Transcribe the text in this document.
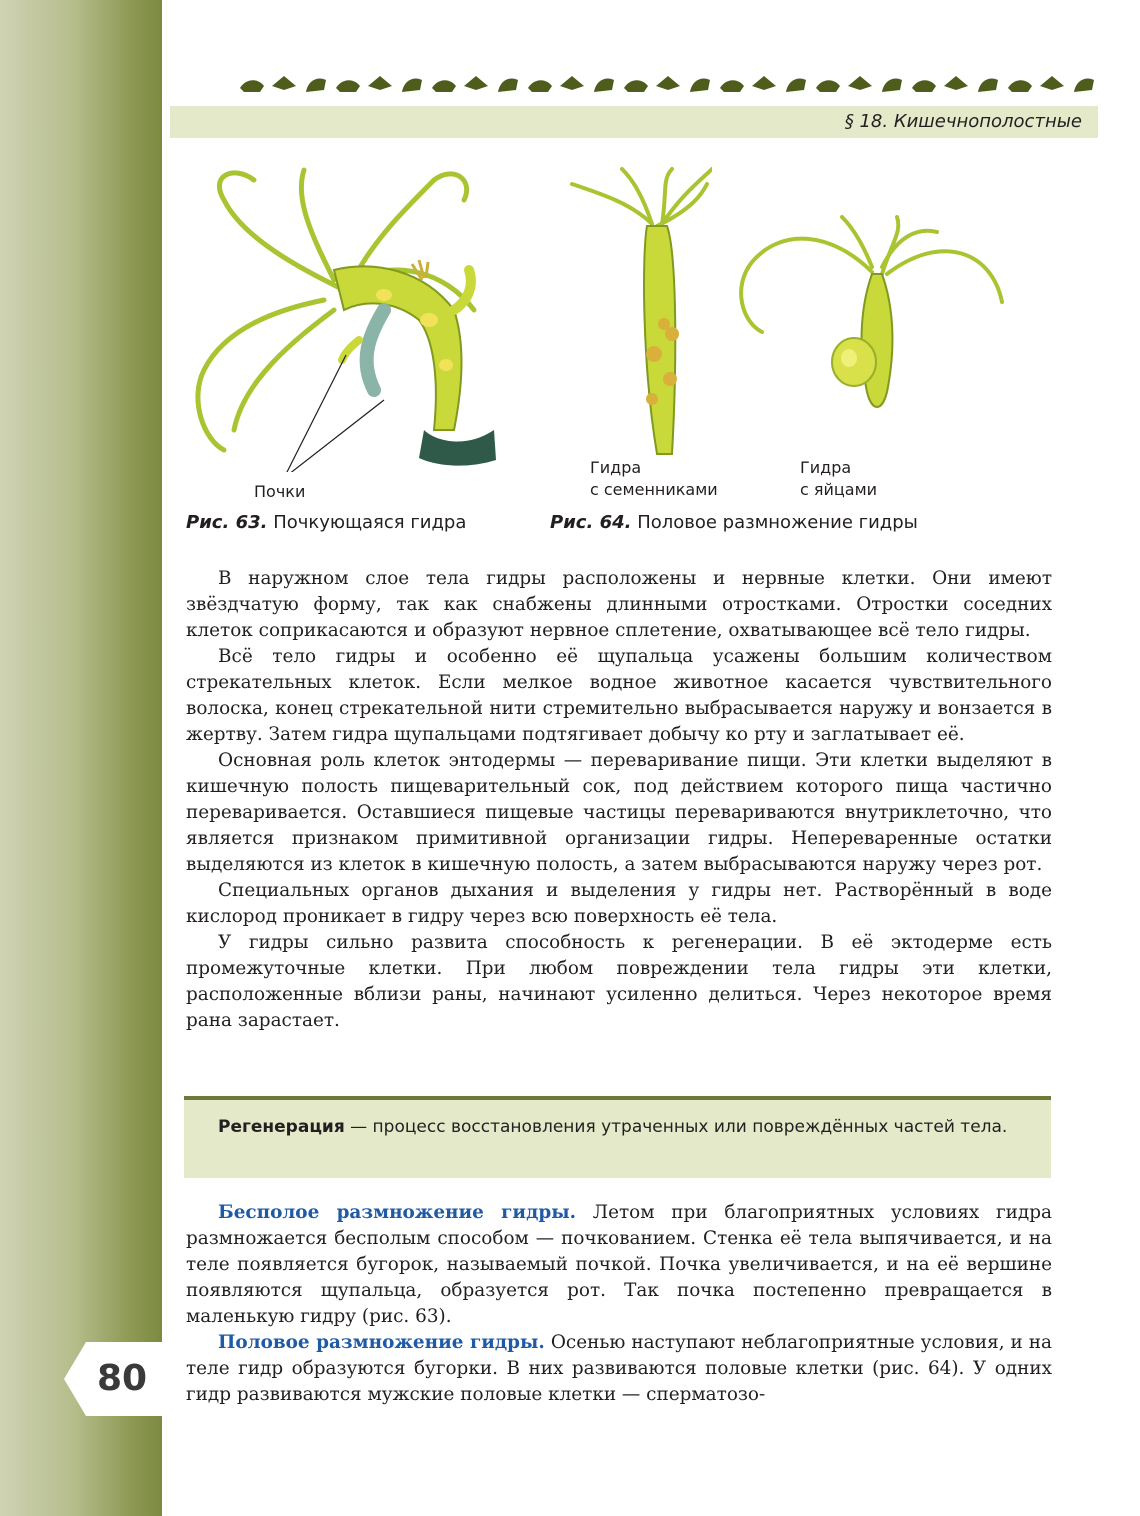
80
§ 18. Кишечнополостные
Почки
Рис. 63. Почкующаяся гидра
Гидра
с семенниками
Гидра
с яйцами
Рис. 64. Половое размножение гидры

В наружном слое тела гидры расположены и нервные клетки. Они имеют звёздчатую форму, так как снабжены длинными отростками. Отростки соседних клеток соприкасаются и образуют нервное сплетение, охватывающее всё тело гидры.

Всё тело гидры и особенно её щупальца усажены большим количеством стрекательных клеток. Если мелкое водное животное касается чувствительного волоска, конец стрекательной нити стремительно выбрасывается наружу и вонзается в жертву. Затем гидра щупальцами подтягивает добычу ко рту и заглатывает её.

Основная роль клеток энтодермы — переваривание пищи. Эти клетки выделяют в кишечную полость пищеварительный сок, под действием которого пища частично переваривается. Оставшиеся пищевые частицы перевариваются внутриклеточно, что является признаком примитивной организации гидры. Непереваренные остатки выделяются из клеток в кишечную полость, а затем выбрасываются наружу через рот.

Специальных органов дыхания и выделения у гидры нет. Растворённый в воде кислород проникает в гидру через всю поверхность её тела.

У гидры сильно развита способность к регенерации. В её эктодерме есть промежуточные клетки. При любом повреждении тела гидры эти клетки, расположенные вблизи раны, начинают усиленно делиться. Через некоторое время рана зарастает.

Регенерация — процесс восстановления утраченных или повреждённых частей тела.

Бесполое размножение гидры. Летом при благоприятных условиях гидра размножается бесполым способом — почкованием. Стенка её тела выпячивается, и на теле появляется бугорок, называемый почкой. Почка увеличивается, и на её вершине появляются щупальца, образуется рот. Так почка постепенно превращается в маленькую гидру (рис. 63).

Половое размножение гидры. Осенью наступают неблагоприятные условия, и на теле гидр образуются бугорки. В них развиваются половые клетки (рис. 64). У одних гидр развиваются мужские половые клетки — сперматозо-
